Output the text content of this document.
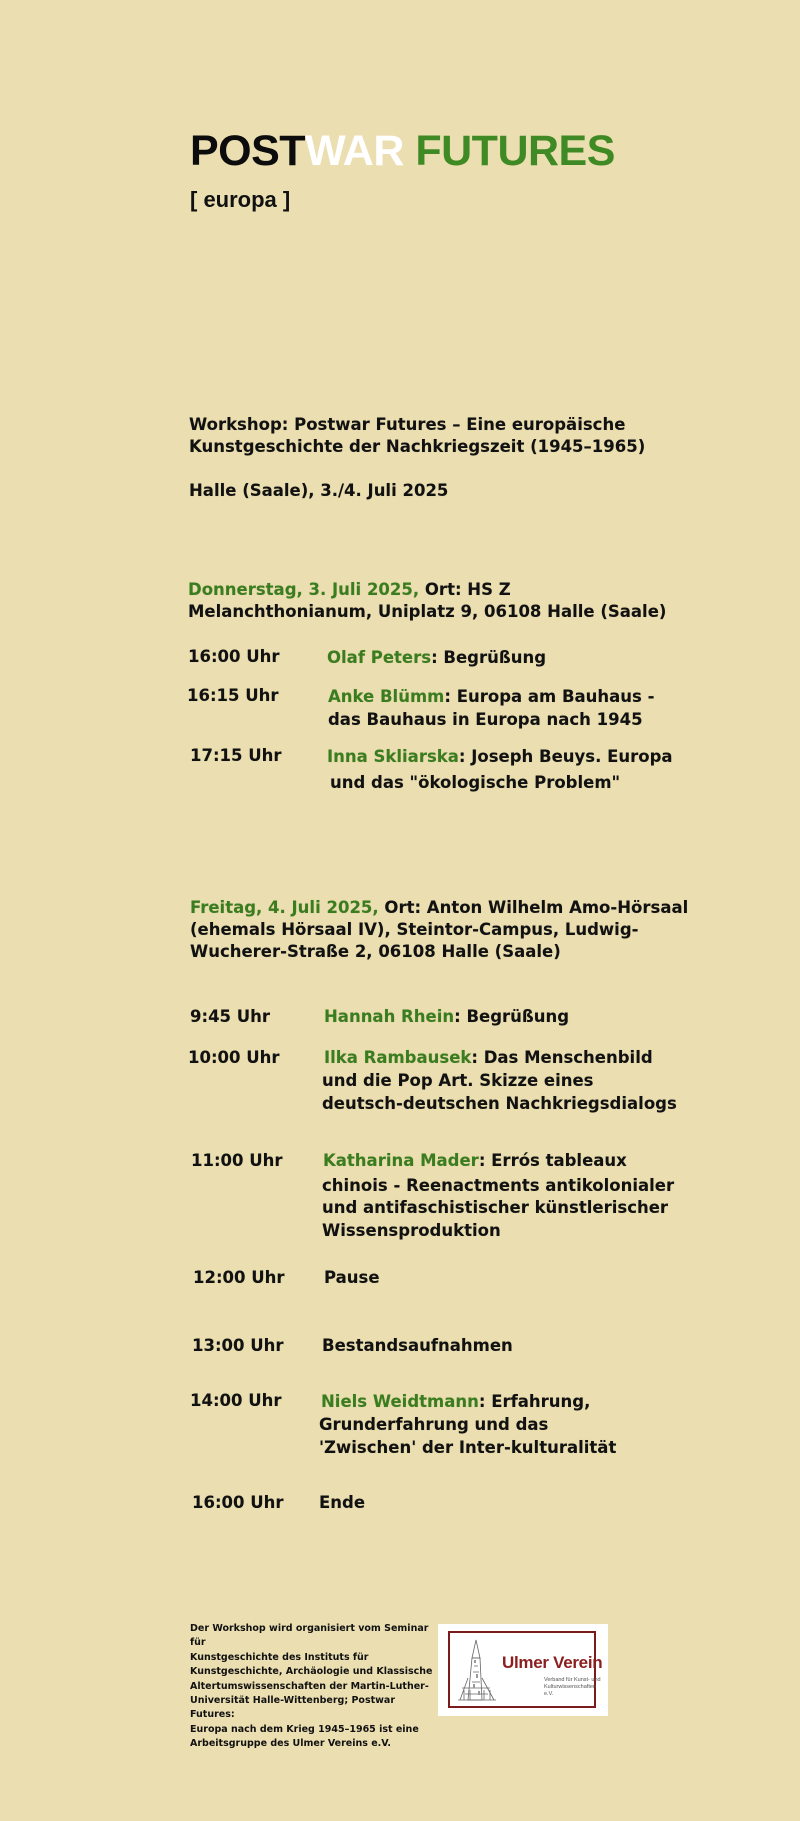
POSTWAR FUTURES
[ europa ]
Workshop: Postwar Futures – Eine europäische
Kunstgeschichte der Nachkriegszeit (1945–1965)
Halle (Saale), 3./4. Juli 2025
Donnerstag, 3. Juli 2025, Ort: HS Z
Melanchthonianum, Uniplatz 9, 06108 Halle (Saale)
16:00 Uhr	Olaf Peters: Begrüßung
16:15 Uhr	Anke Blümm: Europa am Bauhaus -
das Bauhaus in Europa nach 1945
17:15 Uhr	Inna Skliarska: Joseph Beuys. Europa
und das "ökologische Problem"
Freitag, 4. Juli 2025, Ort: Anton Wilhelm Amo-Hörsaal
(ehemals Hörsaal IV), Steintor-Campus, Ludwig-
Wucherer-Straße 2, 06108 Halle (Saale)
9:45 Uhr	Hannah Rhein: Begrüßung
10:00 Uhr	Ilka Rambausek: Das Menschenbild
und die Pop Art. Skizze eines
deutsch-deutschen Nachkriegsdialogs
11:00 Uhr Katharina Mader: Errós tableaux
chinois - Reenactments antikolonialer
und antifaschistischer künstlerischer
Wissensproduktion
12:00 Uhr Pause
13:00 Uhr Bestandsaufnahmen
14:00 Uhr Niels Weidtmann: Erfahrung,
Grunderfahrung und das
'Zwischen' der Inter-kulturalität
16:00 Uhr Ende
Der Workshop wird organisiert vom Seminar für
Kunstgeschichte des Instituts für
Kunstgeschichte, Archäologie und Klassische
Altertumswissenschaften der Martin-Luther-
Universität Halle-Wittenberg; Postwar Futures:
Europa nach dem Krieg 1945–1965 ist eine
Arbeitsgruppe des Ulmer Vereins e.V.
Ulmer Verein
Verband für Kunst- und
Kulturwissenschaften e.V.
